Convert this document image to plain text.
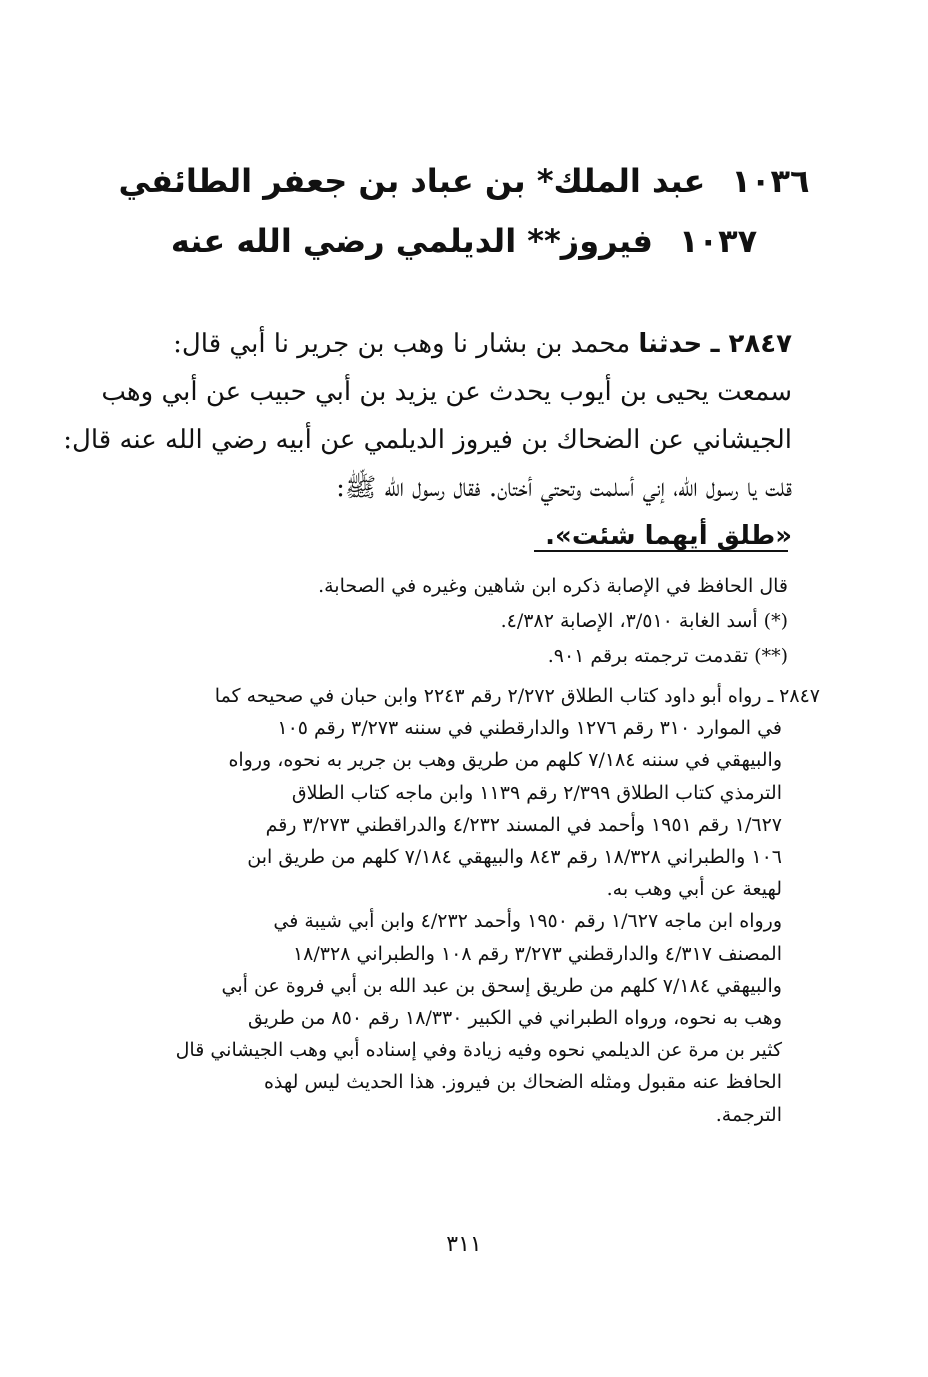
١٠٣٦عبد الملك* بن عباد بن جعفر الطائفي
١٠٣٧فيروز** الديلمي رضي الله عنه
٢٨٤٧ ـ حدثنا محمد بن بشار نا وهب بن جرير نا أبي قال:
سمعت يحيى بن أيوب يحدث عن يزيد بن أبي حبيب عن أبي وهب
الجيشاني عن الضحاك بن فيروز الديلمي عن أبيه رضي الله عنه قال:
قلت يا رسول الله، إني أسلمت وتحتي أختان. فقال رسول الله ﷺ:
«طلق أيهما شئت».
قال الحافظ في الإصابة ذكره ابن شاهين وغيره في الصحابة.
(*) أسد الغابة ٣/٥١٠، الإصابة ٤/٣٨٢.
(**) تقدمت ترجمته برقم ٩٠١.
٢٨٤٧ ـ رواه أبو داود كتاب الطلاق ٢/٢٧٢ رقم ٢٢٤٣ وابن حبان في صحيحه كما
في الموارد ٣١٠ رقم ١٢٧٦ والدارقطني في سننه ٣/٢٧٣ رقم ١٠٥
والبيهقي في سننه ٧/١٨٤ كلهم من طريق وهب بن جرير به نحوه، ورواه
الترمذي كتاب الطلاق ٢/٣٩٩ رقم ١١٣٩ وابن ماجه كتاب الطلاق
١/٦٢٧ رقم ١٩٥١ وأحمد في المسند ٤/٢٣٢ والدراقطني ٣/٢٧٣ رقم
١٠٦ والطبراني ١٨/٣٢٨ رقم ٨٤٣ والبيهقي ٧/١٨٤ كلهم من طريق ابن
لهيعة عن أبي وهب به.
ورواه ابن ماجه ١/٦٢٧ رقم ١٩٥٠ وأحمد ٤/٢٣٢ وابن أبي شيبة في
المصنف ٤/٣١٧ والدارقطني ٣/٢٧٣ رقم ١٠٨ والطبراني ١٨/٣٢٨
والبيهقي ٧/١٨٤ كلهم من طريق إسحق بن عبد الله بن أبي فروة عن أبي
وهب به نحوه، ورواه الطبراني في الكبير ١٨/٣٣٠ رقم ٨٥٠ من طريق
كثير بن مرة عن الديلمي نحوه وفيه زيادة وفي إسناده أبي وهب الجيشاني قال
الحافظ عنه مقبول ومثله الضحاك بن فيروز. هذا الحديث ليس لهذه
الترجمة.
٣١١
